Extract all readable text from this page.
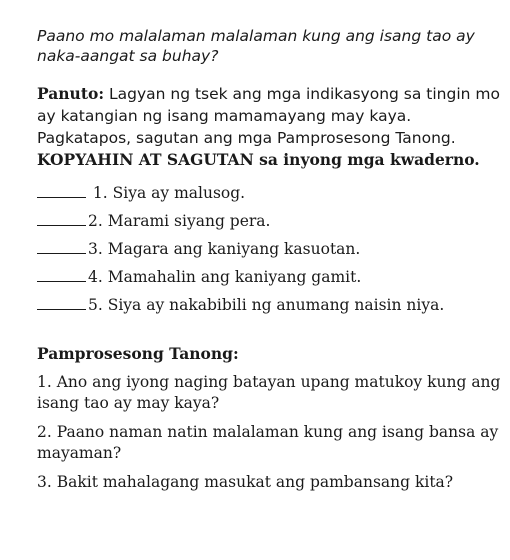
Paano mo malalaman malalaman kung ang isang tao ay naka-aangat sa buhay?

Panuto: Lagyan ng tsek ang mga indikasyong sa tingin mo ay katangian ng isang mamamayang may kaya. Pagkatapos, sagutan ang mga Pamprosesong Tanong.
KOPYAHIN AT SAGUTAN sa inyong mga kwaderno.

1. Siya ay malusog.
2. Marami siyang pera.
3. Magara ang kaniyang kasuotan.
4. Mamahalin ang kaniyang gamit.
5. Siya ay nakabibili ng anumang naisin niya.
Pamprosesong Tanong:
1. Ano ang iyong naging batayan upang matukoy kung ang isang tao ay may kaya?
2. Paano naman natin malalaman kung ang isang bansa ay mayaman?
3. Bakit mahalagang masukat ang pambansang kita?
